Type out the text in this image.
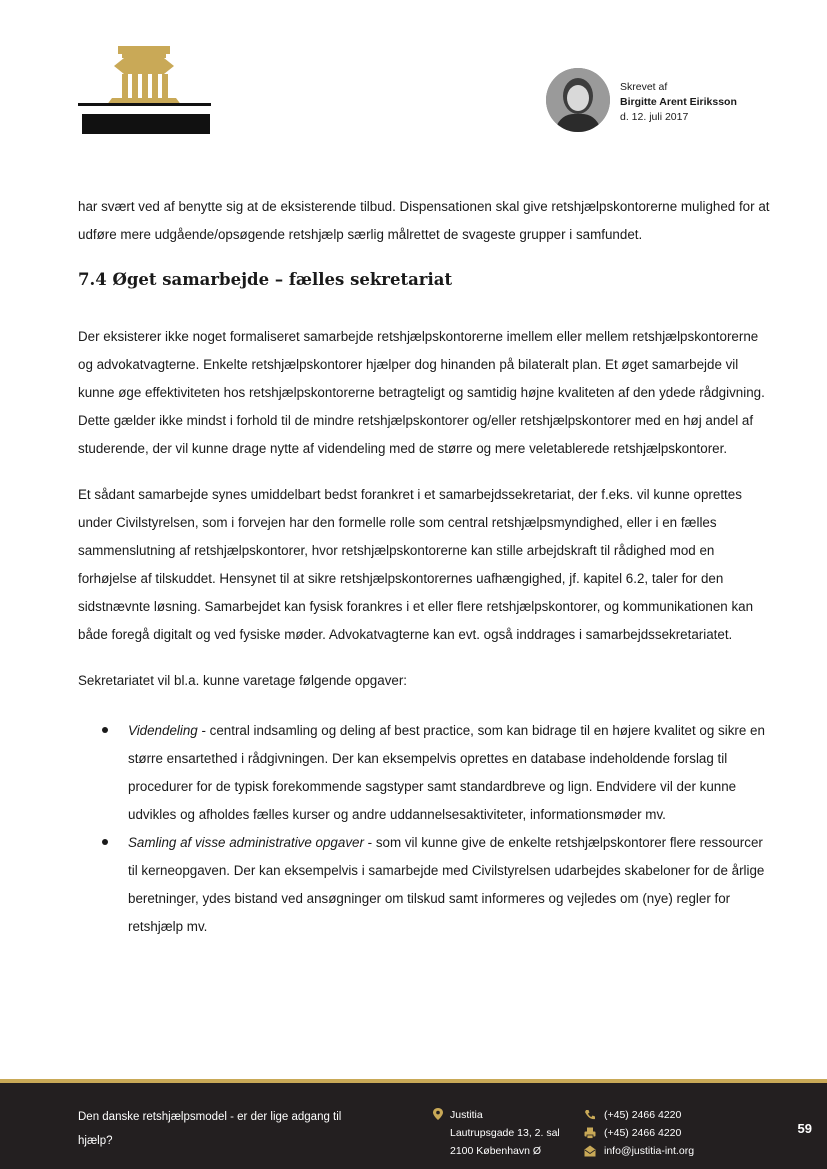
Skrevet af
Birgitte Arent Eiriksson
d. 12. juli 2017

har svært ved af benytte sig at de eksisterende tilbud. Dispensationen skal give retshjælpskontorerne mulighed for at udføre mere udgående/opsøgende retshjælp særlig målrettet de svageste grupper i samfundet.

7.4 Øget samarbejde – fælles sekretariat

Der eksisterer ikke noget formaliseret samarbejde retshjælpskontorerne imellem eller mellem retshjælpskontorerne og advokatvagterne. Enkelte retshjælpskontorer hjælper dog hinanden på bilateralt plan. Et øget samarbejde vil kunne øge effektiviteten hos retshjælpskontorerne betragteligt og samtidig højne kvaliteten af den ydede rådgivning. Dette gælder ikke mindst i forhold til de mindre retshjælpskontorer og/eller retshjælpskontorer med en høj andel af studerende, der vil kunne drage nytte af videndeling med de større og mere veletablerede retshjælpskontorer.

Et sådant samarbejde synes umiddelbart bedst forankret i et samarbejdssekretariat, der f.eks. vil kunne oprettes under Civilstyrelsen, som i forvejen har den formelle rolle som central retshjælpsmyndighed, eller i en fælles sammenslutning af retshjælpskontorer, hvor retshjælpskontorerne kan stille arbejdskraft til rådighed mod en forhøjelse af tilskuddet. Hensynet til at sikre retshjælpskontorernes uafhængighed, jf. kapitel 6.2, taler for den sidstnævnte løsning. Samarbejdet kan fysisk forankres i et eller flere retshjælpskontorer, og kommunikationen kan både foregå digitalt og ved fysiske møder. Advokatvagterne kan evt. også inddrages i samarbejdssekretariatet.

Sekretariatet vil bl.a. kunne varetage følgende opgaver:

Videndeling - central indsamling og deling af best practice, som kan bidrage til en højere kvalitet og sikre en større ensartethed i rådgivningen. Der kan eksempelvis oprettes en database indeholdende forslag til procedurer for de typisk forekommende sagstyper samt standardbreve og lign. Endvidere vil der kunne udvikles og afholdes fælles kurser og andre uddannelsesaktiviteter, informationsmøder mv.
Samling af visse administrative opgaver - som vil kunne give de enkelte retshjælpskontorer flere ressourcer til kerneopgaven. Der kan eksempelvis i samarbejde med Civilstyrelsen udarbejdes skabeloner for de årlige beretninger, ydes bistand ved ansøgninger om tilskud samt informeres og vejledes om (nye) regler for retshjælp mv.
Den danske retshjælpsmodel - er der lige adgang til hjælp?
Justitia
Lautrupsgade 13, 2. sal
2100 København Ø
(+45) 2466 4220
(+45) 2466 4220
info@justitia-int.org
59
